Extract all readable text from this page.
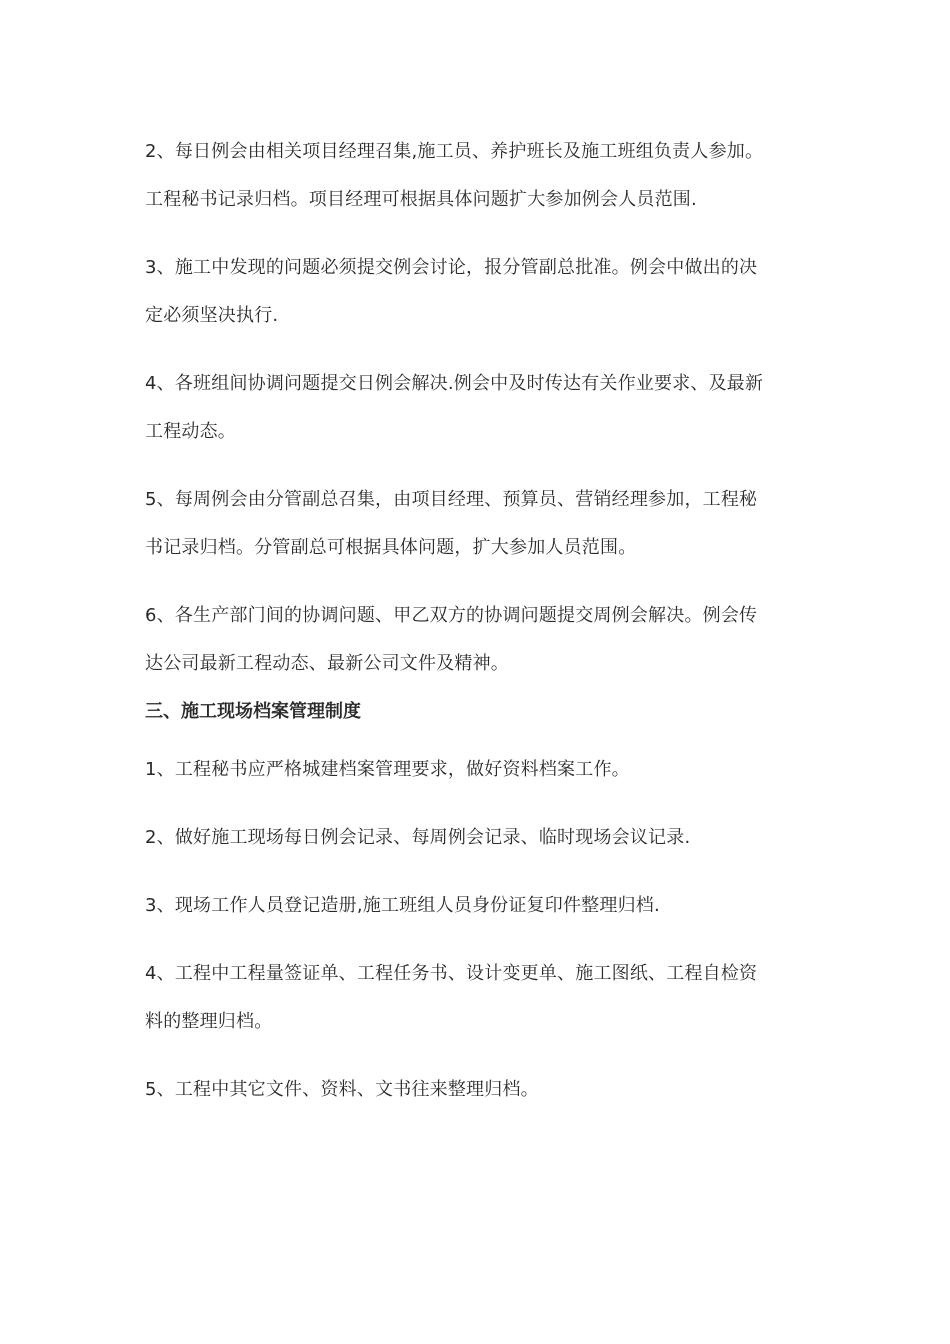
2、每日例会由相关项目经理召集,施工员、养护班长及施工班组负责人参加。
工程秘书记录归档。项目经理可根据具体问题扩大参加例会人员范围.

3、施工中发现的问题必须提交例会讨论，报分管副总批准。例会中做出的决
定必须坚决执行.

4、各班组间协调问题提交日例会解决.例会中及时传达有关作业要求、及最新
工程动态。

5、每周例会由分管副总召集，由项目经理、预算员、营销经理参加，工程秘
书记录归档。分管副总可根据具体问题，扩大参加人员范围。

6、各生产部门间的协调问题、甲乙双方的协调问题提交周例会解决。例会传
达公司最新工程动态、最新公司文件及精神。

三、施工现场档案管理制度

1、工程秘书应严格城建档案管理要求，做好资料档案工作。

2、做好施工现场每日例会记录、每周例会记录、临时现场会议记录.

3、现场工作人员登记造册,施工班组人员身份证复印件整理归档.

4、工程中工程量签证单、工程任务书、设计变更单、施工图纸、工程自检资
料的整理归档。

5、工程中其它文件、资料、文书往来整理归档。
